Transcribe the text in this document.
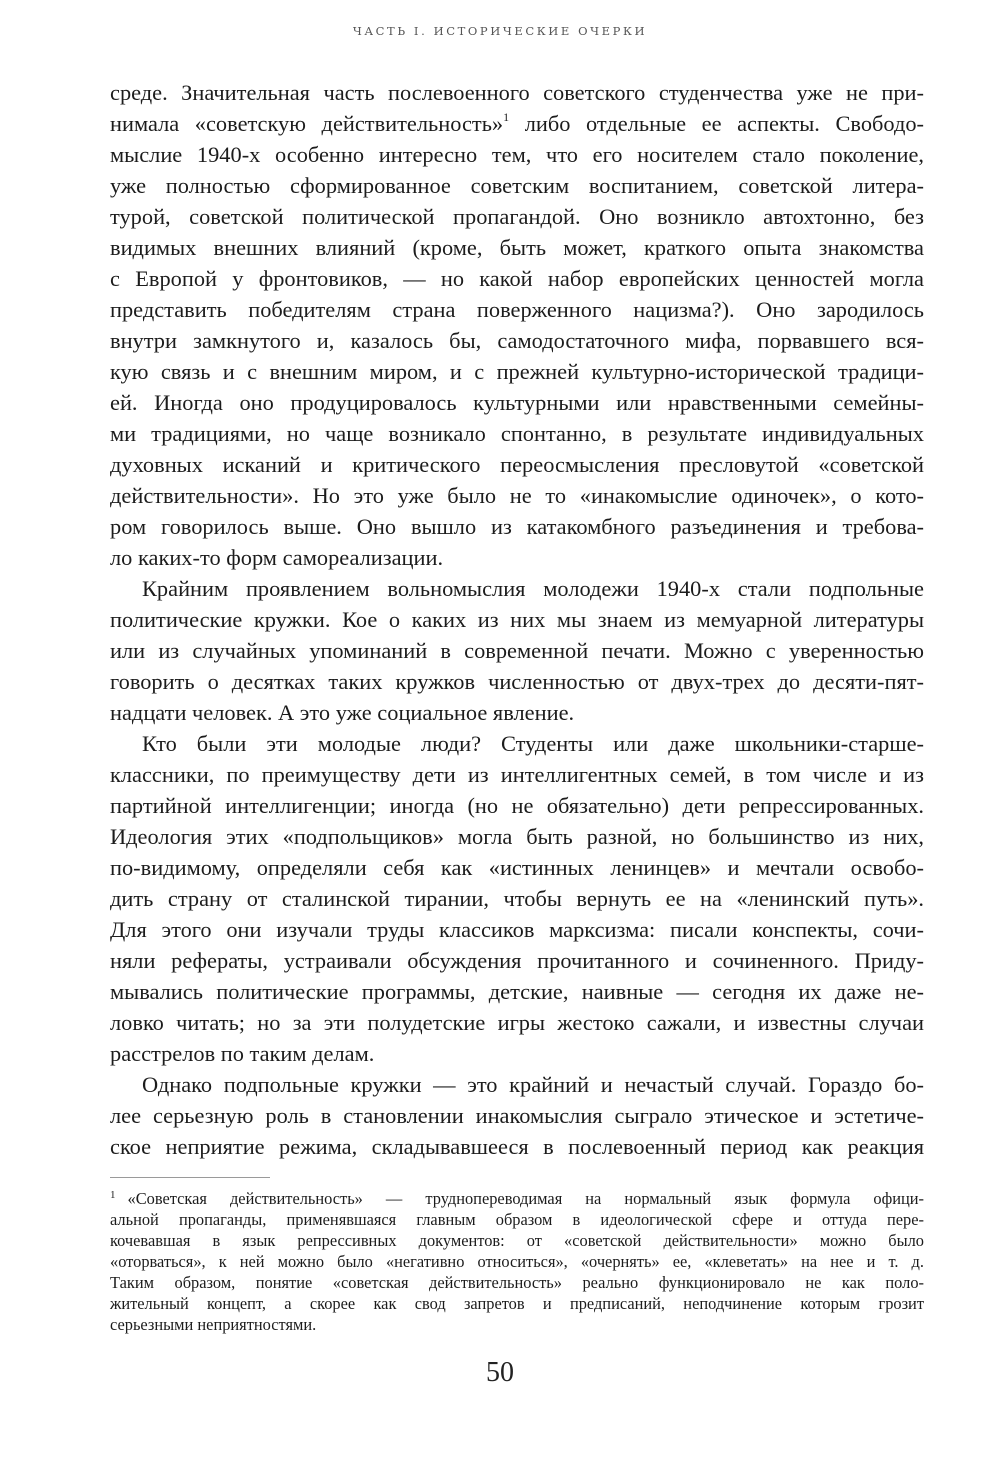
ЧАСТЬ I. ИСТОРИЧЕСКИЕ ОЧЕРКИ
среде. Значительная часть послевоенного советского студенчества уже не при-
нимала «советскую действительность»$^1$ либо отдельные ее аспекты. Свободо-
мыслие 1940-х особенно интересно тем, что его носителем стало поколение,
уже полностью сформированное советским воспитанием, советской литера-
турой, советской политической пропагандой. Оно возникло автохтонно, без
видимых внешних влияний (кроме, быть может, краткого опыта знакомства
с Европой у фронтовиков, — но какой набор европейских ценностей могла
представить победителям страна поверженного нацизма?). Оно зародилось
внутри замкнутого и, казалось бы, самодостаточного мифа, порвавшего вся-
кую связь и с внешним миром, и с прежней культурно-исторической традици-
ей. Иногда оно продуцировалось культурными или нравственными семейны-
ми традициями, но чаще возникало спонтанно, в результате индивидуальных
духовных исканий и критического переосмысления пресловутой «советской
действительности». Но это уже было не то «инакомыслие одиночек», о кото-
ром говорилось выше. Оно вышло из катакомбного разъединения и требова-
ло каких-то форм самореализации.
Крайним проявлением вольномыслия молодежи 1940-х стали подпольные
политические кружки. Кое о каких из них мы знаем из мемуарной литературы
или из случайных упоминаний в современной печати. Можно с уверенностью
говорить о десятках таких кружков численностью от двух-трех до десяти-пят-
надцати человек. А это уже социальное явление.
Кто были эти молодые люди? Студенты или даже школьники-старше-
классники, по преимуществу дети из интеллигентных семей, в том числе и из
партийной интеллигенции; иногда (но не обязательно) дети репрессированных.
Идеология этих «подпольщиков» могла быть разной, но большинство из них,
по-видимому, определяли себя как «истинных ленинцев» и мечтали освобо-
дить страну от сталинской тирании, чтобы вернуть ее на «ленинский путь».
Для этого они изучали труды классиков марксизма: писали конспекты, сочи-
няли рефераты, устраивали обсуждения прочитанного и сочиненного. Приду-
мывались политические программы, детские, наивные — сегодня их даже не-
ловко читать; но за эти полудетские игры жестоко сажали, и известны случаи
расстрелов по таким делам.
Однако подпольные кружки — это крайний и нечастый случай. Гораздо бо-
лее серьезную роль в становлении инакомыслия сыграло этическое и эстетиче-
ское неприятие режима, складывавшееся в послевоенный период как реакция
$^1$ «Советская действительность» — труднопереводимая на нормальный язык формула офици-
альной пропаганды, применявшаяся главным образом в идеологической сфере и оттуда пере-
кочевавшая в язык репрессивных документов: от «советской действительности» можно было
«оторваться», к ней можно было «негативно относиться», «очернять» ее, «клеветать» на нее и т. д.
Таким образом, понятие «советская действительность» реально функционировало не как поло-
жительный концепт, а скорее как свод запретов и предписаний, неподчинение которым грозит
серьезными неприятностями.
50
